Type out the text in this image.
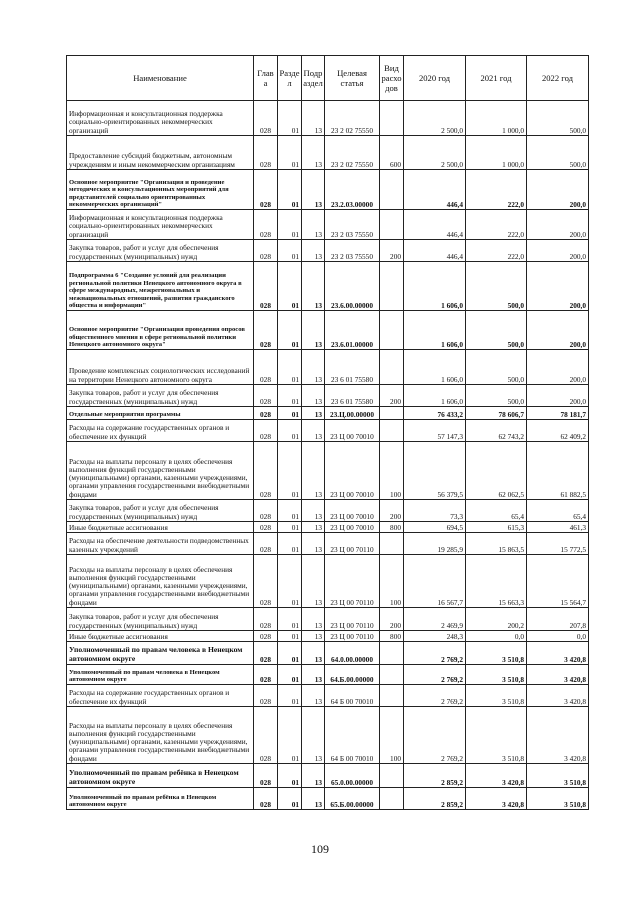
Наименование	Глав а	Разде л	Подр аздел	Целевая статья	Вид расхо дов	2020 год	2021 год	2022 год
Информационная и консультационная поддержка социально-ориентированных некоммерческих организаций	028	01	13	23 2 02 75550		2 500,0	1 000,0	500,0
Предоставление субсидий бюджетным, автономным учреждениям и иным некоммерческим организациям	028	01	13	23 2 02 75550	600	2 500,0	1 000,0	500,0
Основное мероприятие "Организация и проведение методических и консультационных мероприятий для представителей социально ориентированных некоммерческих организаций"	028	01	13	23.2.03.00000		446,4	222,0	200,0
Информационная и консультационная поддержка социально-ориентированных некоммерческих организаций	028	01	13	23 2 03 75550		446,4	222,0	200,0
Закупка товаров, работ и услуг для обеспечения государственных (муниципальных) нужд	028	01	13	23 2 03 75550	200	446,4	222,0	200,0
Подпрограмма 6 "Создание условий для реализации региональной политики Ненецкого автономного округа в сфере международных, межрегиональных и межнациональных отношений, развития гражданского общества и информации"	028	01	13	23.6.00.00000		1 606,0	500,0	200,0
Основное мероприятие "Организация проведения опросов общественного мнения в сфере региональной политики Ненецкого автономного округа"	028	01	13	23.6.01.00000		1 606,0	500,0	200,0
Проведение комплексных социологических исследований на территории Ненецкого автономного округа	028	01	13	23 6 01 75580		1 606,0	500,0	200,0
Закупка товаров, работ и услуг для обеспечения государственных (муниципальных) нужд	028	01	13	23 6 01 75580	200	1 606,0	500,0	200,0
Отдельные мероприятия программы	028	01	13	23.Ц.00.00000		76 433,2	78 606,7	78 181,7
Расходы на содержание государственных органов и обеспечение их функций	028	01	13	23 Ц 00 70010		57 147,3	62 743,2	62 409,2
Расходы на выплаты персоналу в целях обеспечения выполнения функций государственными (муниципальными) органами, казенными учреждениями, органами управления государственными внебюджетными фондами	028	01	13	23 Ц 00 70010	100	56 379,5	62 062,5	61 882,5
Закупка товаров, работ и услуг для обеспечения государственных (муниципальных) нужд	028	01	13	23 Ц 00 70010	200	73,3	65,4	65,4
Иные бюджетные ассигнования	028	01	13	23 Ц 00 70010	800	694,5	615,3	461,3
Расходы на обеспечение деятельности подведомственных казенных учреждений	028	01	13	23 Ц 00 70110		19 285,9	15 863,5	15 772,5
Расходы на выплаты персоналу в целях обеспечения выполнения функций государственными (муниципальными) органами, казенными учреждениями, органами управления государственными внебюджетными фондами	028	01	13	23 Ц 00 70110	100	16 567,7	15 663,3	15 564,7
Закупка товаров, работ и услуг для обеспечения государственных (муниципальных) нужд	028	01	13	23 Ц 00 70110	200	2 469,9	200,2	207,8
Иные бюджетные ассигнования	028	01	13	23 Ц 00 70110	800	248,3	0,0	0,0
Уполномоченный по правам человека в Ненецком автономном округе	028	01	13	64.0.00.00000		2 769,2	3 510,8	3 420,8
Уполномоченный по правам человека в Ненецком автономном округе	028	01	13	64.Б.00.00000		2 769,2	3 510,8	3 420,8
Расходы на содержание государственных органов и обеспечение их функций	028	01	13	64 Б 00 70010		2 769,2	3 510,8	3 420,8
Расходы на выплаты персоналу в целях обеспечения выполнения функций государственными (муниципальными) органами, казенными учреждениями, органами управления государственными внебюджетными фондами	028	01	13	64 Б 00 70010	100	2 769,2	3 510,8	3 420,8
Уполномоченный по правам ребёнка в Ненецком автономном округе	028	01	13	65.0.00.00000		2 859,2	3 420,8	3 510,8
Уполномоченный по правам ребёнка в Ненецком автономном округе	028	01	13	65.Б.00.00000		2 859,2	3 420,8	3 510,8
109
